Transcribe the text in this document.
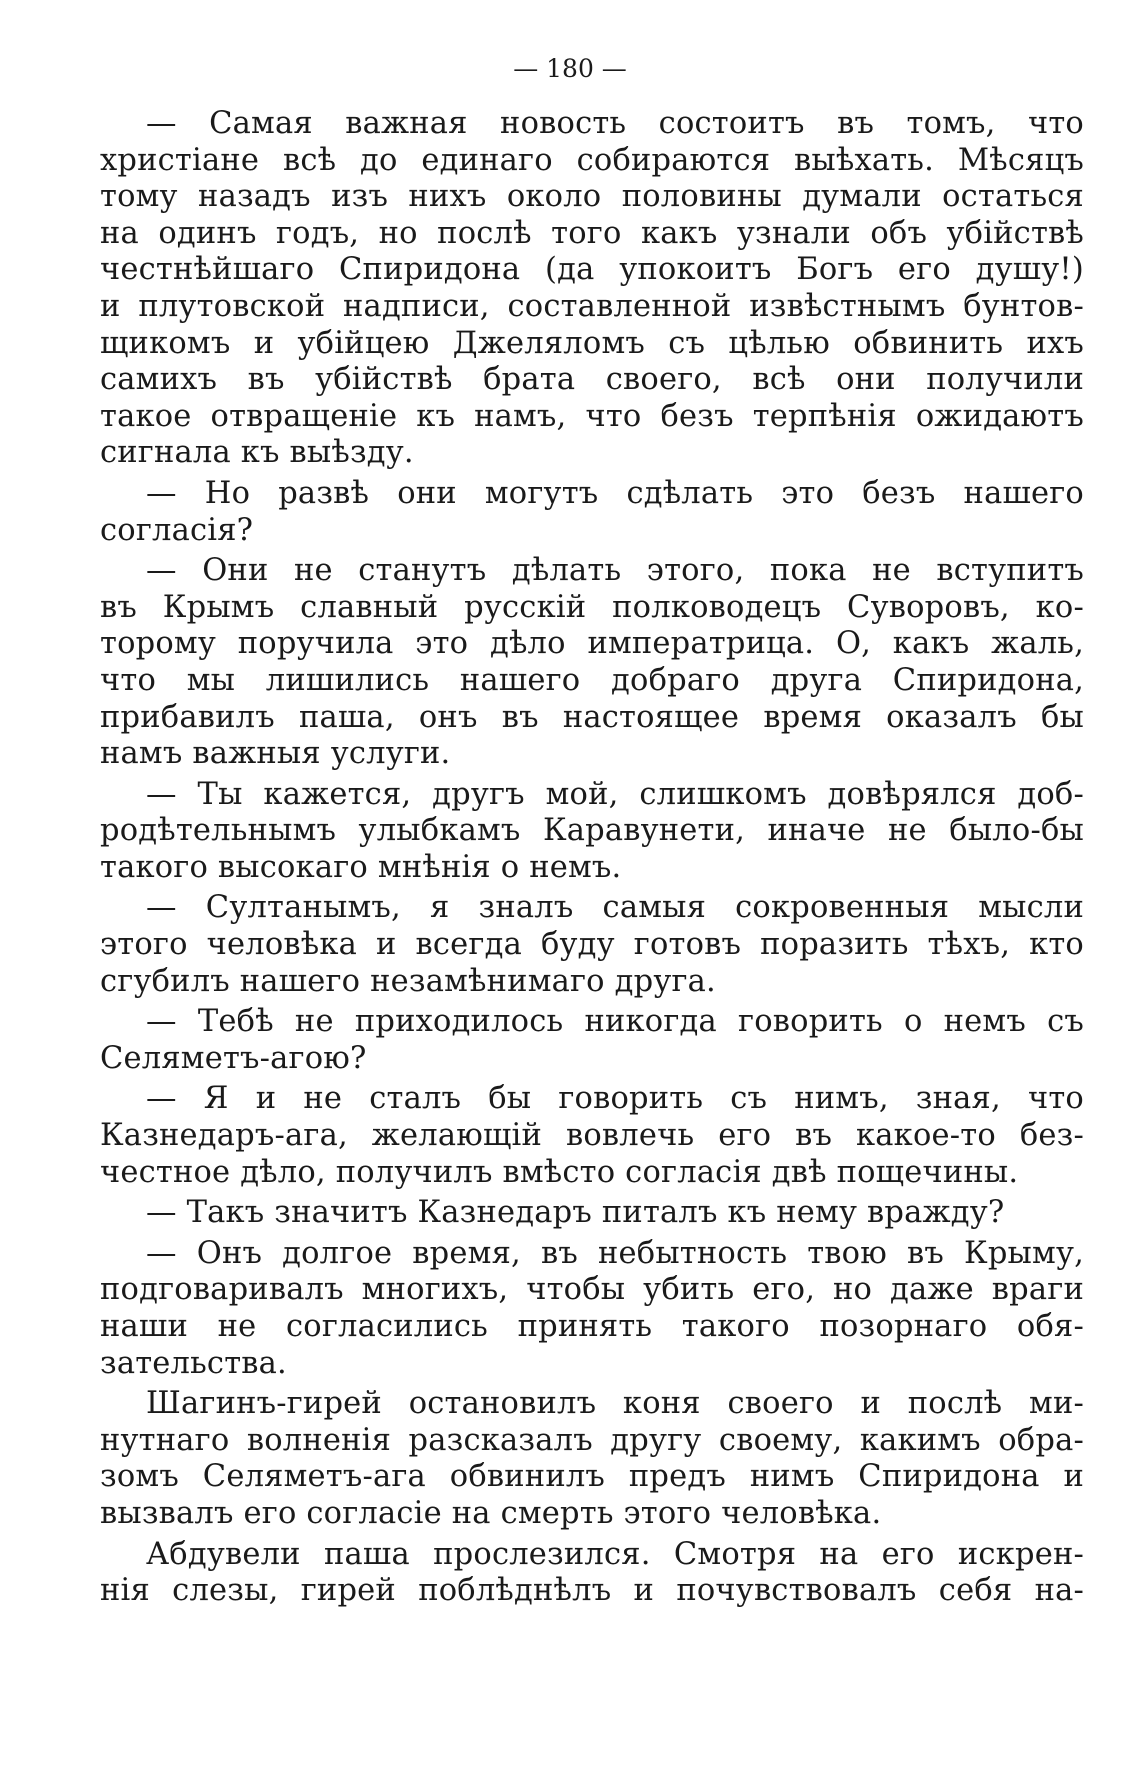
— 180 —
— Самая важная новость состоитъ въ томъ, что
христіане всѣ до единаго собираются выѣхать. Мѣсяцъ
тому назадъ изъ нихъ около половины думали остаться
на одинъ годъ, но послѣ того какъ узнали объ убійствѣ
честнѣйшаго Спиридона (да упокоитъ Богъ его душу!)
и плутовской надписи, составленной извѣстнымъ бунтов-
щикомъ и убійцею Джеляломъ съ цѣлью обвинить ихъ
самихъ въ убійствѣ брата своего, всѣ они получили
такое отвращеніе къ намъ, что безъ терпѣнія ожидаютъ
сигнала къ выѣзду.
— Но развѣ они могутъ сдѣлать это безъ нашего
согласія?
— Они не станутъ дѣлать этого, пока не вступитъ
въ Крымъ славный русскій полководецъ Суворовъ, ко-
торому поручила это дѣло императрица. О, какъ жаль,
что мы лишились нашего добраго друга Спиридона,
прибавилъ паша, онъ въ настоящее время оказалъ бы
намъ важныя услуги.
— Ты кажется, другъ мой, слишкомъ довѣрялся доб-
родѣтельнымъ улыбкамъ Каравунети, иначе не было-бы
такого высокаго мнѣнія о немъ.
— Султанымъ, я зналъ самыя сокровенныя мысли
этого человѣка и всегда буду готовъ поразить тѣхъ, кто
сгубилъ нашего незамѣнимаго друга.
— Тебѣ не приходилось никогда говорить о немъ съ
Селяметъ-агою?
— Я и не сталъ бы говорить съ нимъ, зная, что
Казнедаръ-ага, желающій вовлечь его въ какое-то без-
честное дѣло, получилъ вмѣсто согласія двѣ пощечины.
— Такъ значитъ Казнедаръ питалъ къ нему вражду?
— Онъ долгое время, въ небытность твою въ Крыму,
подговаривалъ многихъ, чтобы убить его, но даже враги
наши не согласились принять такого позорнаго обя-
зательства.
Шагинъ-гирей остановилъ коня своего и послѣ ми-
нутнаго волненія разсказалъ другу своему, какимъ обра-
зомъ Селяметъ-ага обвинилъ предъ нимъ Спиридона и
вызвалъ его согласіе на смерть этого человѣка.
Абдувели паша прослезился. Смотря на его искрен-
нія слезы, гирей поблѣднѣлъ и почувствовалъ себя на-
